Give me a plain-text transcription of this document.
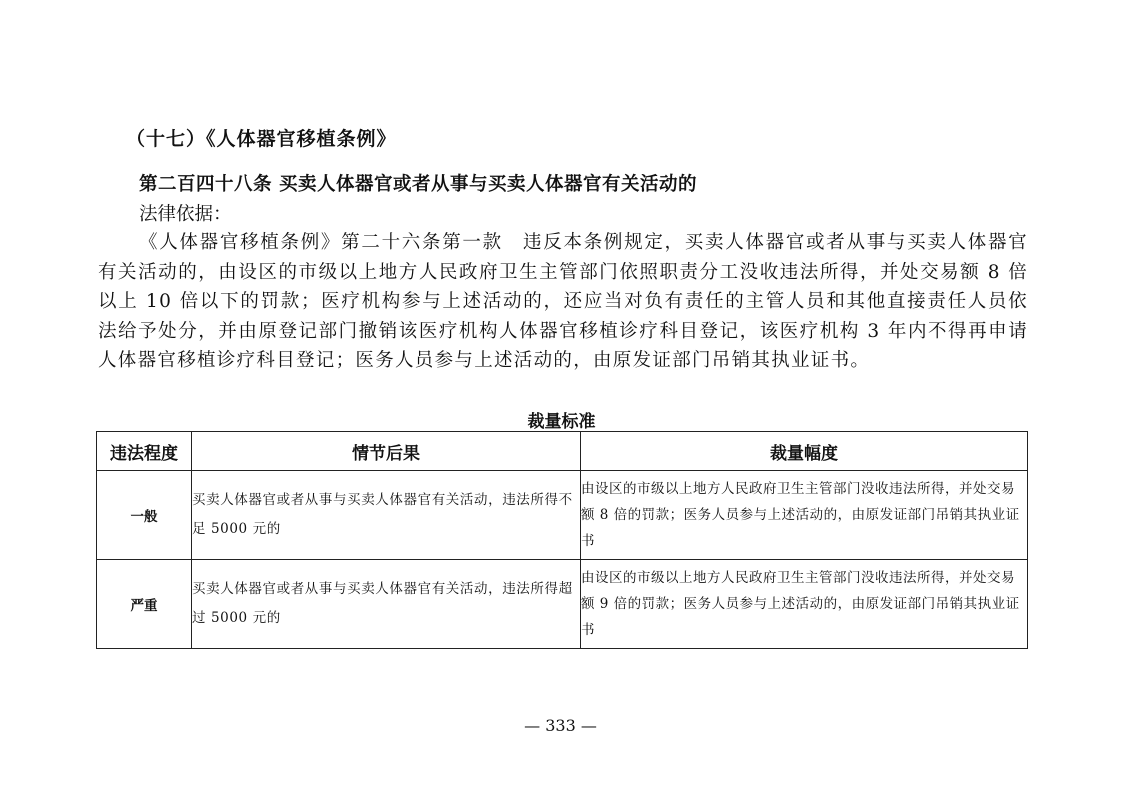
（十七）《人体器官移植条例》
第二百四十八条 买卖人体器官或者从事与买卖人体器官有关活动的
法律依据：

《人体器官移植条例》第二十六条第一款　违反本条例规定，买卖人体器官或者从事与买卖人体器官有关活动的，由设区的市级以上地方人民政府卫生主管部门依照职责分工没收违法所得，并处交易额 8 倍以上 10 倍以下的罚款；医疗机构参与上述活动的，还应当对负有责任的主管人员和其他直接责任人员依法给予处分，并由原登记部门撤销该医疗机构人体器官移植诊疗科目登记，该医疗机构 3 年内不得再申请人体器官移植诊疗科目登记；医务人员参与上述活动的，由原发证部门吊销其执业证书。

裁量标准
违法程度	情节后果	裁量幅度
一般	买卖人体器官或者从事与买卖人体器官有关活动，违法所得不足 5000 元的	由设区的市级以上地方人民政府卫生主管部门没收违法所得，并处交易额 8 倍的罚款；医务人员参与上述活动的，由原发证部门吊销其执业证书
严重	买卖人体器官或者从事与买卖人体器官有关活动，违法所得超过 5000 元的	由设区的市级以上地方人民政府卫生主管部门没收违法所得，并处交易额 9 倍的罚款；医务人员参与上述活动的，由原发证部门吊销其执业证书
— 333 —
